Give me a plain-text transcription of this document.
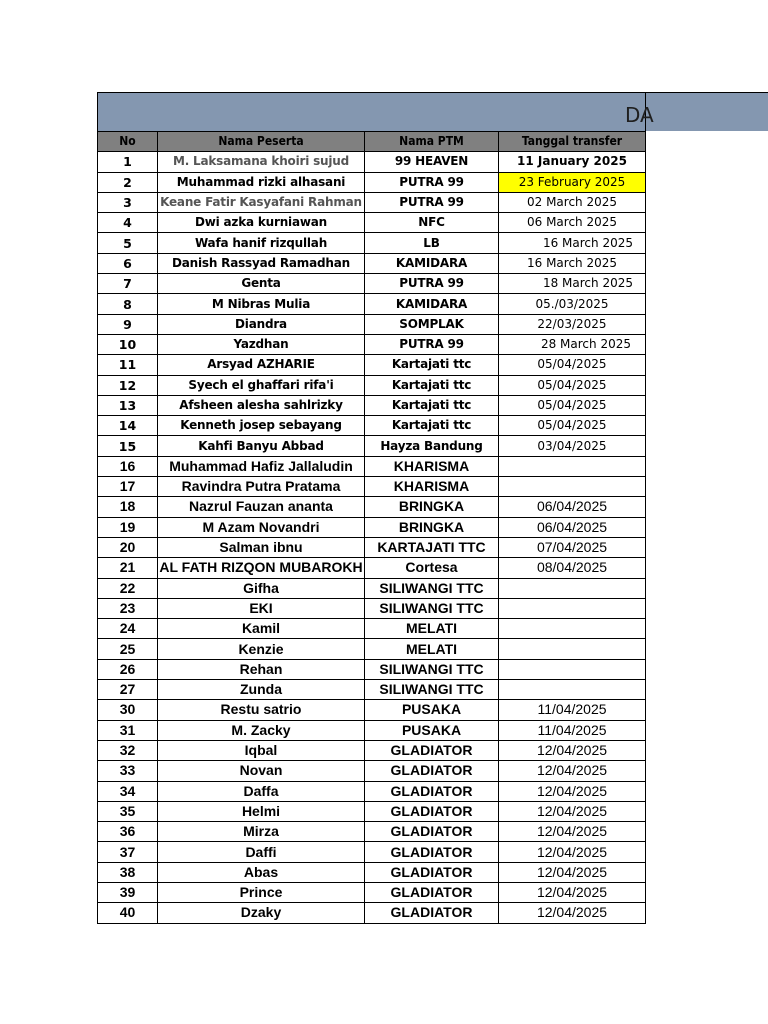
DA
No	Nama Peserta	Nama PTM	Tanggal transfer
1	M. Laksamana khoiri sujud	99 HEAVEN	11 January 2025
2	Muhammad rizki alhasani	PUTRA 99	23 February 2025
3	Keane Fatir Kasyafani Rahman	PUTRA 99	02 March 2025
4	Dwi azka kurniawan	NFC	06 March 2025
5	Wafa hanif rizqullah	LB	16 March 2025
6	Danish Rassyad Ramadhan	KAMIDARA	16 March 2025
7	Genta	PUTRA 99	18 March 2025
8	M Nibras Mulia	KAMIDARA	05./03/2025
9	Diandra	SOMPLAK	22/03/2025
10	Yazdhan	PUTRA 99	28 March 2025
11	Arsyad AZHARIE	Kartajati ttc	05/04/2025
12	Syech el ghaffari rifa'i	Kartajati ttc	05/04/2025
13	Afsheen alesha sahlrizky	Kartajati ttc	05/04/2025
14	Kenneth josep sebayang	Kartajati ttc	05/04/2025
15	Kahfi Banyu Abbad	Hayza Bandung	03/04/2025
16	Muhammad Hafiz Jallaludin	KHARISMA	
17	Ravindra Putra Pratama	KHARISMA	
18	Nazrul Fauzan ananta	BRINGKA	06/04/2025
19	M Azam Novandri	BRINGKA	06/04/2025
20	Salman ibnu	KARTAJATI TTC	07/04/2025
21	AL FATH RIZQON MUBAROKH	Cortesa	08/04/2025
22	Gifha	SILIWANGI TTC	
23	EKI	SILIWANGI TTC	
24	Kamil	MELATI	
25	Kenzie	MELATI	
26	Rehan	SILIWANGI TTC	
27	Zunda	SILIWANGI TTC	
30	Restu satrio	PUSAKA	11/04/2025
31	M. Zacky	PUSAKA	11/04/2025
32	Iqbal	GLADIATOR	12/04/2025
33	Novan	GLADIATOR	12/04/2025
34	Daffa	GLADIATOR	12/04/2025
35	Helmi	GLADIATOR	12/04/2025
36	Mirza	GLADIATOR	12/04/2025
37	Daffi	GLADIATOR	12/04/2025
38	Abas	GLADIATOR	12/04/2025
39	Prince	GLADIATOR	12/04/2025
40	Dzaky	GLADIATOR	12/04/2025
